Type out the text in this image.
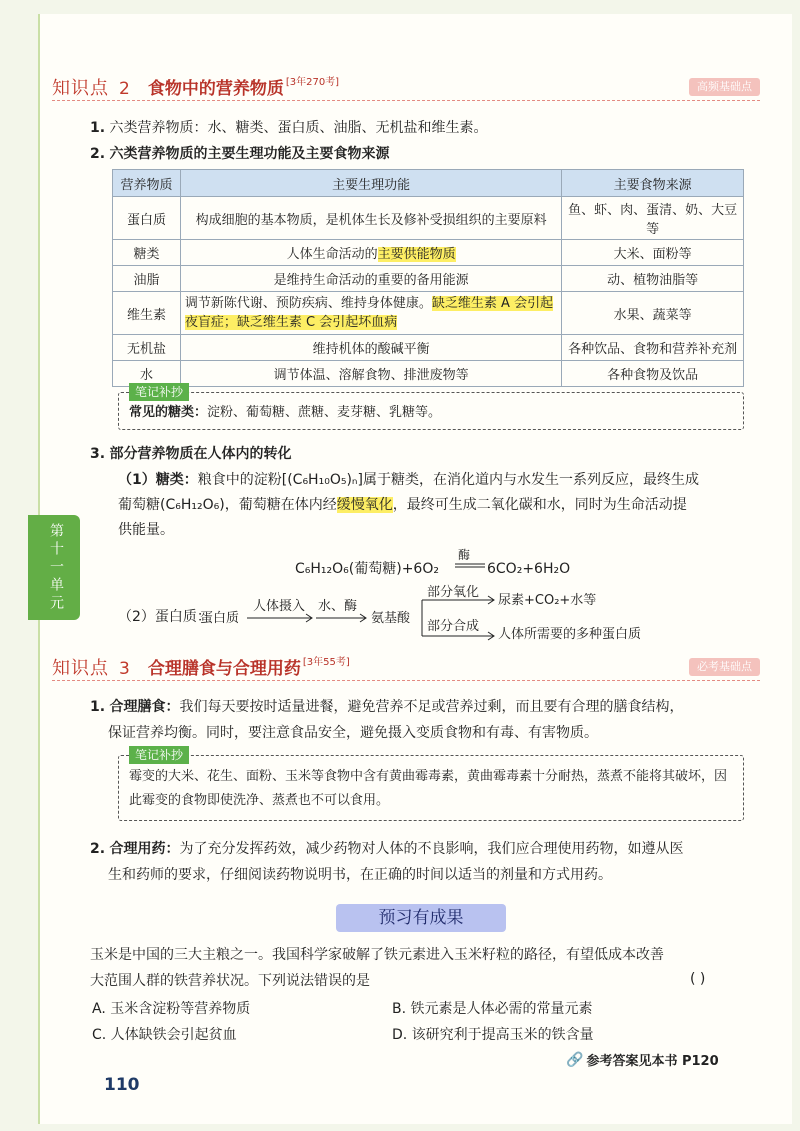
知识点 2 食物中的营养物质 [3年270考]	高频基础点
1. 六类营养物质：水、糖类、蛋白质、油脂、无机盐和维生素。
2. 六类营养物质的主要生理功能及主要食物来源
营养物质	主要生理功能	主要食物来源
蛋白质	构成细胞的基本物质，是机体生长及修补受损组织的主要原料	鱼、虾、肉、蛋清、奶、大豆等
糖类	人体生命活动的主要供能物质	大米、面粉等
油脂	是维持生命活动的重要的备用能源	动、植物油脂等
维生素	调节新陈代谢、预防疾病、维持身体健康。缺乏维生素 A 会引起夜盲症；缺乏维生素 C 会引起坏血病	水果、蔬菜等
无机盐	维持机体的酸碱平衡	各种饮品、食物和营养补充剂
水	调节体温、溶解食物、排泄废物等	各种食物及饮品
笔记补抄
常见的糖类：淀粉、葡萄糖、蔗糖、麦芽糖、乳糖等。
3. 部分营养物质在人体内的转化
（1）糖类：粮食中的淀粉[(C₆H₁₀O₅)ₙ]属于糖类，在消化道内与水发生一系列反应，最终生成
葡萄糖(C₆H₁₂O₆)，葡萄糖在体内经缓慢氧化，最终可生成二氧化碳和水，同时为生命活动提
供能量。
C₆H₁₂O₆(葡萄糖)+6O₂
酶
6CO₂+6H₂O
（2）蛋白质：
蛋白质
人体摄入 水、酶
氨基酸
部分氧化
尿素+CO₂+水等
部分合成
人体所需要的多种蛋白质
第十一单元
知识点 3 合理膳食与合理用药 [3年55考]	必考基础点
1. 合理膳食：我们每天要按时适量进餐，避免营养不足或营养过剩，而且要有合理的膳食结构，
保证营养均衡。同时，要注意食品安全，避免摄入变质食物和有毒、有害物质。
笔记补抄
霉变的大米、花生、面粉、玉米等食物中含有黄曲霉毒素，黄曲霉毒素十分耐热，蒸煮不能将其破坏，因
此霉变的食物即使洗净、蒸煮也不可以食用。
2. 合理用药：为了充分发挥药效，减少药物对人体的不良影响，我们应合理使用药物，如遵从医
生和药师的要求，仔细阅读药物说明书，在正确的时间以适当的剂量和方式用药。
预习有成果
玉米是中国的三大主粮之一。我国科学家破解了铁元素进入玉米籽粒的路径，有望低成本改善
大范围人群的铁营养状况。下列说法错误的是	( )
A. 玉米含淀粉等营养物质	B. 铁元素是人体必需的常量元素
C. 人体缺铁会引起贫血	D. 该研究利于提高玉米的铁含量
🔗 参考答案见本书 P120
110
